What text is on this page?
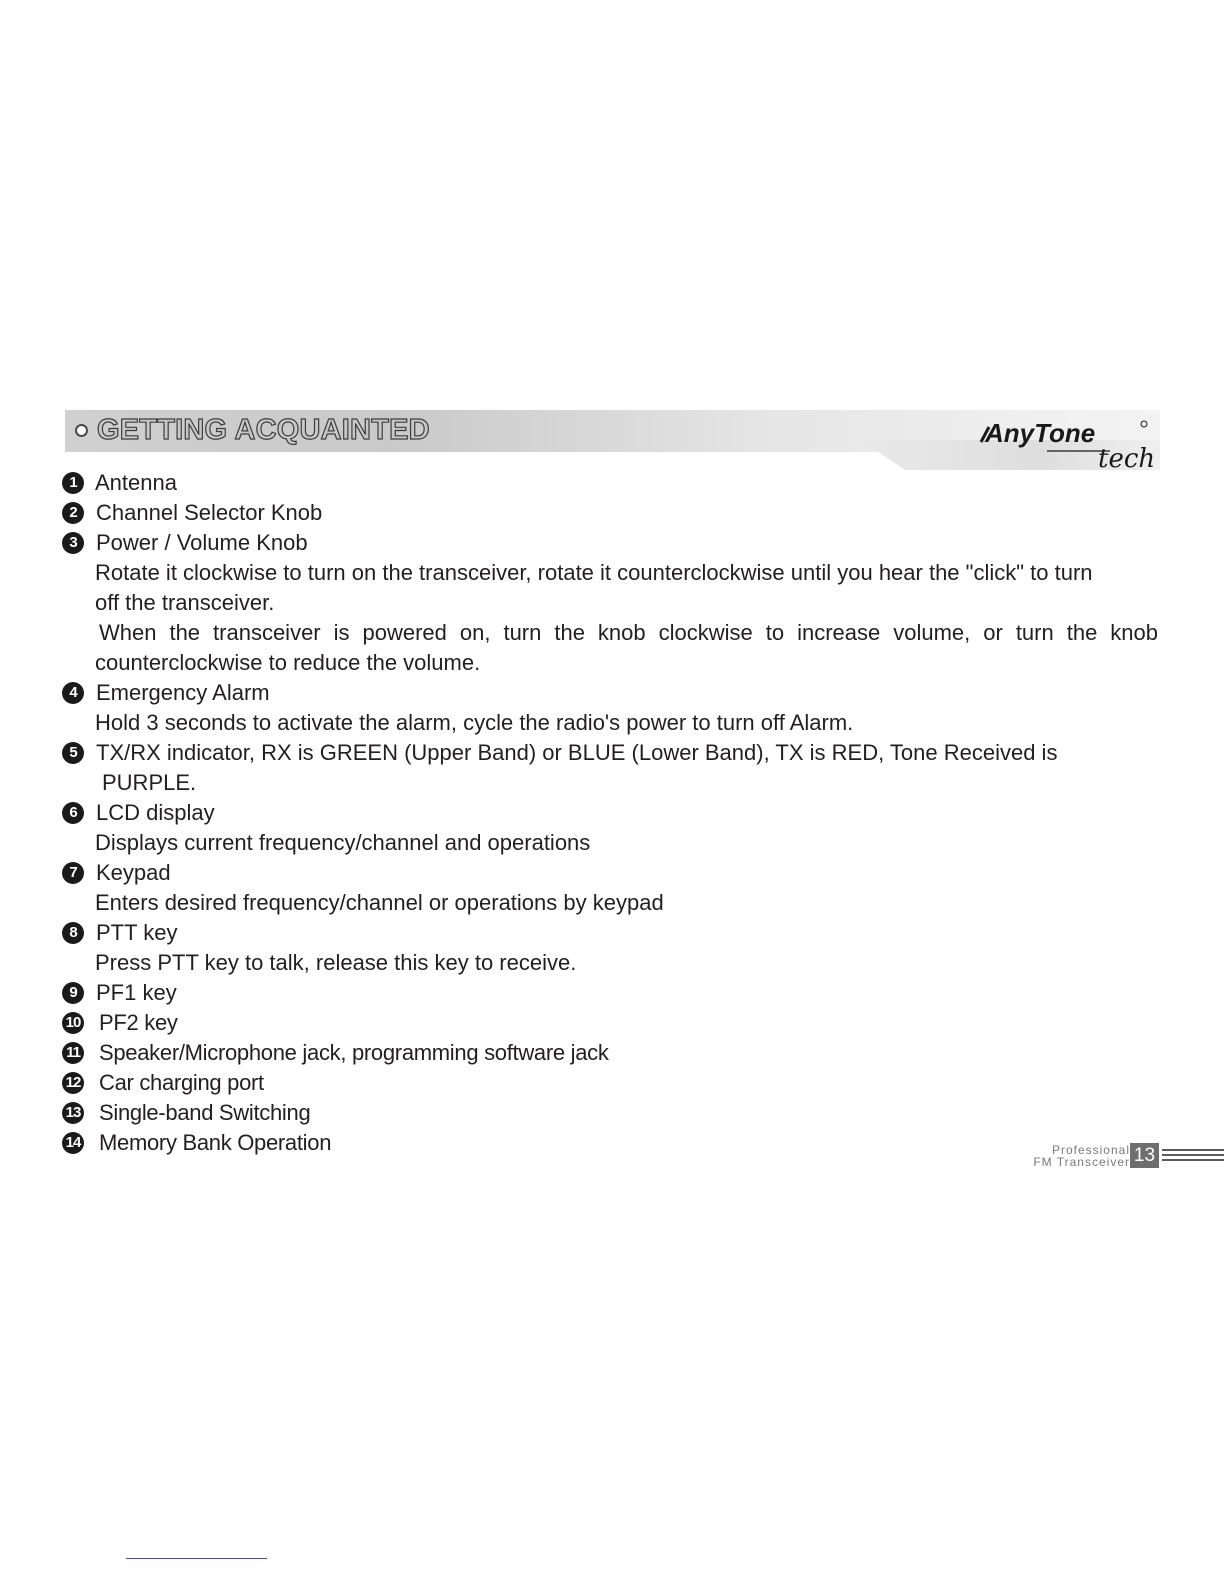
GETTING ACQUAINTED	AnyTone
tech
1 Antenna
2 Channel Selector Knob
3 Power / Volume Knob
Rotate it clockwise to turn on the transceiver, rotate it counterclockwise until you hear the "click" to turn
off the transceiver.
When the transceiver is powered on, turn the knob clockwise to increase volume, or turn the knob
counterclockwise to reduce the volume.
4 Emergency Alarm
Hold 3 seconds to activate the alarm, cycle the radio's power to turn off Alarm.
5 TX/RX indicator, RX is GREEN (Upper Band) or BLUE (Lower Band), TX is RED, Tone Received is
PURPLE.
6 LCD display
Displays current frequency/channel and operations
7 Keypad
Enters desired frequency/channel or operations by keypad
8 PTT key
Press PTT key to talk, release this key to receive.
9 PF1 key
10 PF2 key
11 Speaker/Microphone jack, programming software jack
12 Car charging port
13 Single-band Switching
14 Memory Bank Operation	Professional
FM Transceiver 13
